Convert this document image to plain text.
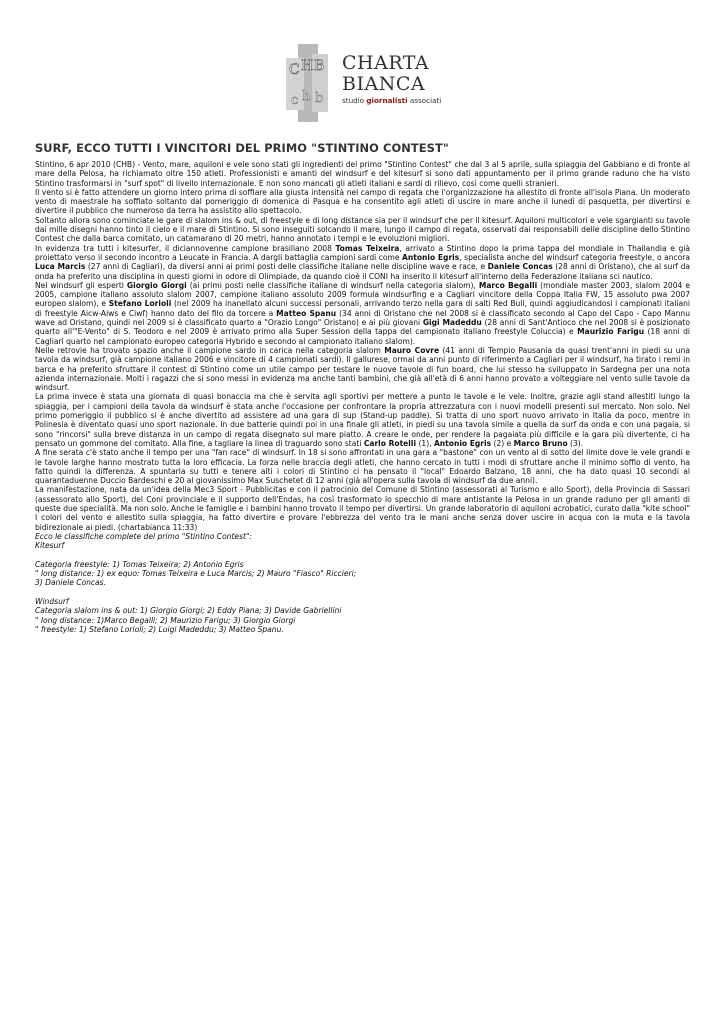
C H B
c h b
CHARTA
BIANCA
studio giornalisti associati
SURF, ECCO TUTTI I VINCITORI DEL PRIMO "STINTINO CONTEST"

Stintino, 6 apr 2010 (CHB) - Vento, mare, aquiloni e vele sono stati gli ingredienti del primo "Stintino Contest" che dal 3 al 5 aprile, sulla spiaggia del Gabbiano e di fronte al mare della Pelosa, ha richiamato oltre 150 atleti. Professionisti e amanti del windsurf e del kitesurf si sono dati appuntamento per il primo grande raduno che ha visto Stintino trasformarsi in "surf spot" di livello internazionale. E non sono mancati gli atleti italiani e sardi di rilievo, così come quelli stranieri.

Il vento si è fatto attendere un giorno intero prima di soffiare alla giusta intensità nel campo di regata che l'organizzazione ha allestito di fronte all'isola Piana. Un moderato vento di maestrale ha soffiato soltanto dal pomeriggio di domenica di Pasqua e ha consentito agli atleti di uscire in mare anche il lunedì di pasquetta, per divertirsi e divertire il pubblico che numeroso da terra ha assistito allo spettacolo.

Soltanto allora sono cominciate le gare di slalom ins & out, di freestyle e di long distance sia per il windsurf che per il kitesurf. Aquiloni multicolori e vele sgargianti su tavole dai mille disegni hanno tinto il cielo e il mare di Stintino. Si sono inseguiti solcando il mare, lungo il campo di regata, osservati dai responsabili delle discipline dello Stintino Contest che dalla barca comitato, un catamarano di 20 metri, hanno annotato i tempi e le evoluzioni migliori.

In evidenza tra tutti i kitesurfer, il diciannovenne campione brasiliano 2008 Tomas Teixeira, arrivato a Stintino dopo la prima tappa del mondiale in Thailandia e già proiettato verso il secondo incontro a Leucate in Francia. A dargli battaglia campioni sardi come Antonio Egris, specialista anche del windsurf categoria freestyle, o ancora Luca Marcis (27 anni di Cagliari), da diversi anni ai primi posti delle classifiche italiane nelle discipline wave e race, e Daniele Concas (28 anni di Oristano), che al surf da onda ha preferito una disciplina in questi giorni in odore di Olimpiade, da quando cioè il CONI ha inserito il kitesurf all'interno della Federazione italiana sci nautico.

Nel windsurf gli esperti Giorgio Giorgi (ai primi posti nelle classifiche italiane di windsurf nella categoria slalom), Marco Begalli (mondiale master 2003, slalom 2004 e 2005, campione italiano assoluto slalom 2007, campione italiano assoluto 2009 formula windsurfing e a Cagliari vincitore della Coppa Italia FW, 15 assoluto pwa 2007 europeo slalom), e Stefano Lorioli (nel 2009 ha inanellato alcuni successi personali, arrivando terzo nella gara di salti Red Bull, quindi aggiudicandosi i campionati italiani di freestyle Aicw-Aiws e Ciwf) hanno dato del filo da torcere a Matteo Spanu (34 anni di Oristano che nel 2008 si è classificato secondo al Capo del Capo - Capo Mannu wave ad Oristano, quindi nel 2009 si è classificato quarto a "Orazio Longo" Oristano) e ai più giovani Gigi Madeddu (28 anni di Sant'Antioco che nel 2008 si è posizionato quarto all'"E-Vento" di S. Teodoro e nel 2009 è arrivato primo alla Super Session della tappa del campionato italiano freestyle Coluccia) e Maurizio Farigu (18 anni di Cagliari quarto nel campionato europeo categoria Hybrido e secondo al campionato italiano slalom).

Nelle retrovie ha trovato spazio anche il campione sardo in carica nella categoria slalom Mauro Covre (41 anni di Tempio Pausania da quasi trent'anni in piedi su una tavola da windsurf, già campione italiano 2006 e vincitore di 4 campionati sardi). Il gallurese, ormai da anni punto di riferimento a Cagliari per il windsurf, ha tirato i remi in barca e ha preferito sfruttare il contest di Stintino come un utile campo per testare le nuove tavole di fun board, che lui stesso ha sviluppato in Sardegna per una nota azienda internazionale. Molti i ragazzi che si sono messi in evidenza ma anche tanti bambini, che già all'età di 6 anni hanno provato a volteggiare nel vento sulle tavole da windsurf.

La prima invece è stata una giornata di quasi bonaccia ma che è servita agli sportivi per mettere a punto le tavole e le vele. Inoltre, grazie agli stand allestiti lungo la spiaggia, per i campioni della tavola da windsurf è stata anche l'occasione per confrontare la propria attrezzatura con i nuovi modelli presenti sul mercato. Non solo. Nel primo pomeriggio il pubblico si è anche divertito ad assistere ad una gara di sup (Stand-up paddle). Si tratta di uno sport nuovo arrivato in Italia da poco, mentre in Polinesia è diventato quasi uno sport nazionale. In due batterie quindi poi in una finale gli atleti, in piedi su una tavola simile a quella da surf da onda e con una pagaia, si sono "rincorsi" sulla breve distanza in un campo di regata disegnato sul mare piatto. A creare le onde, per rendere la pagaiata più difficile e la gara più divertente, ci ha pensato un gommone del comitato. Alla fine, a tagliare la linea di traguardo sono stati Carlo Rotelli (1), Antonio Egris (2) e Marco Bruno (3).

A fine serata c'è stato anche il tempo per una "fan race" di windsurf. In 18 si sono affrontati in una gara a "bastone" con un vento al di sotto del limite dove le vele grandi e le tavole larghe hanno mostrato tutta la loro efficacia. La forza nelle braccia degli atleti, che hanno cercato in tutti i modi di sfruttare anche il minimo soffio di vento, ha fatto quindi la differenza. A spuntarla su tutti e tenere alti i colori di Stintino ci ha pensato il "local" Edoardo Balzano, 18 anni, che ha dato quasi 10 secondi al quarantaduenne Duccio Bardeschi e 20 al giovanissimo Max Suschetet di 12 anni (già all'opera sulla tavola di windsurf da due anni).

La manifestazione, nata da un'idea della Mec3 Sport - Pubblicitas e con il patrocinio del Comune di Stintino (assessorati al Turismo e allo Sport), della Provincia di Sassari (assessorato allo Sport), del Coni provinciale e il supporto dell'Endas, ha così trasformato lo specchio di mare antistante la Pelosa in un grande raduno per gli amanti di queste due specialità. Ma non solo. Anche le famiglie e i bambini hanno trovato il tempo per divertirsi. Un grande laboratorio di aquiloni acrobatici, curato dalla "kite school" I colori del vento e allestito sulla spiaggia, ha fatto divertire e provare l'ebbrezza del vento tra le mani anche senza dover uscire in acqua con la muta e la tavola bidirezionale ai piedi. (chartabianca 11:33)

Ecco le classifiche complete del primo "Stintino Contest":

Kitesurf

Categoria freestyle: 1) Tomas Teixeira; 2) Antonio Egris

" long distance: 1) ex equo: Tomas Teixeira e Luca Marcis; 2) Mauro "Fiasco" Riccieri;

3) Daniele Concas.

Windsurf

Categoria slalom ins & out: 1) Giorgio Giorgi; 2) Eddy Piana; 3) Davide Gabriellini

" long distance: 1)Marco Begalli; 2) Maurizio Farigu; 3) Giorgio Giorgi

" freestyle: 1) Stefano Lorioli; 2) Luigi Madeddu; 3) Matteo Spanu.
